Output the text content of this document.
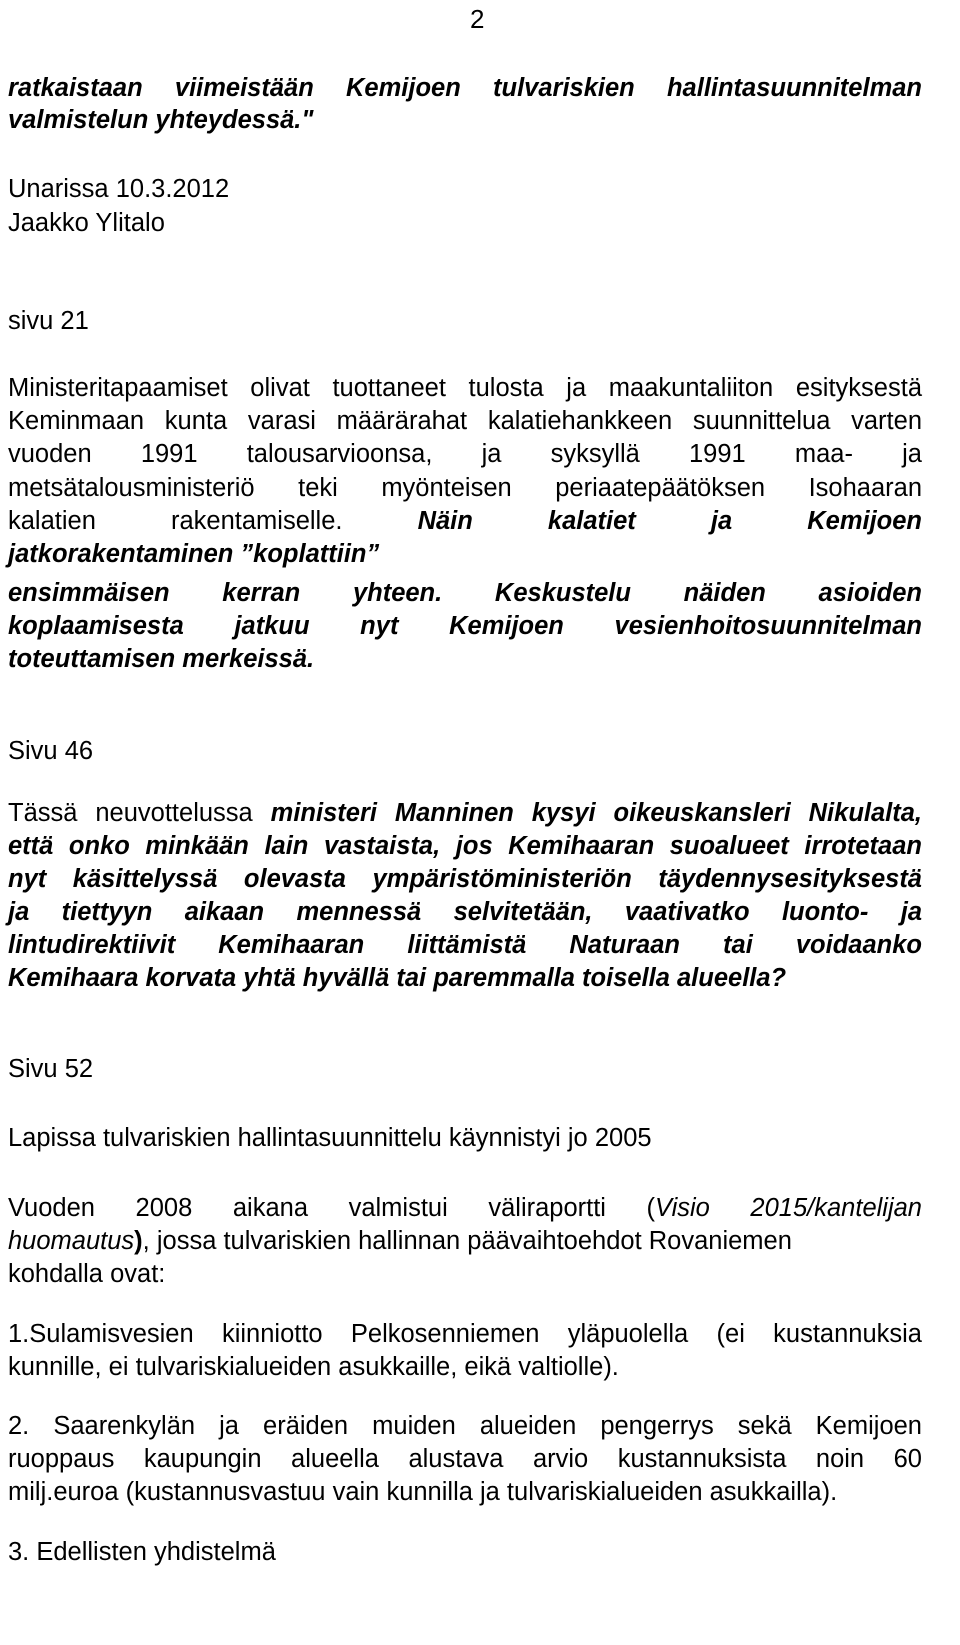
2
ratkaistaan viimeistään Kemijoen tulvariskien hallintasuunnitelman
valmistelun yhteydessä."
Unarissa 10.3.2012
Jaakko Ylitalo
sivu 21
Ministeritapaamiset olivat tuottaneet tulosta ja maakuntaliiton esityksestä
Keminmaan kunta varasi määrärahat kalatiehankkeen suunnittelua varten
vuoden 1991 talousarvioonsa, ja syksyllä 1991 maa- ja
metsätalousministeriö teki myönteisen periaatepäätöksen Isohaaran
kalatien rakentamiselle.	Näin kalatiet ja Kemijoen
jatkorakentaminen ”koplattiin”
ensimmäisen kerran yhteen. Keskustelu näiden asioiden
koplaamisesta jatkuu nyt Kemijoen vesienhoitosuunnitelman
toteuttamisen merkeissä.
Sivu 46
Tässä neuvottelussa ministeri Manninen kysyi oikeuskansleri Nikulalta,
että onko minkään lain vastaista, jos Kemihaaran suoalueet irrotetaan
nyt käsittelyssä olevasta ympäristöministeriön täydennysesityksestä
ja tiettyyn aikaan mennessä selvitetään, vaativatko luonto- ja
lintudirektiivit Kemihaaran liittämistä Naturaan tai voidaanko
Kemihaara korvata yhtä hyvällä tai paremmalla toisella alueella?
Sivu 52
Lapissa tulvariskien hallintasuunnittelu käynnistyi jo 2005
Vuoden 2008 aikana valmistui väliraportti (Visio 2015/kantelijan
huomautus), jossa tulvariskien hallinnan päävaihtoehdot Rovaniemen
kohdalla ovat:
1.Sulamisvesien kiinniotto Pelkosenniemen yläpuolella (ei kustannuksia
kunnille, ei tulvariskialueiden asukkaille, eikä valtiolle).
2. Saarenkylän ja eräiden muiden alueiden pengerrys sekä Kemijoen
ruoppaus kaupungin alueella alustava arvio kustannuksista noin 60
milj.euroa (kustannusvastuu vain kunnilla ja tulvariskialueiden asukkailla).
3. Edellisten yhdistelmä
